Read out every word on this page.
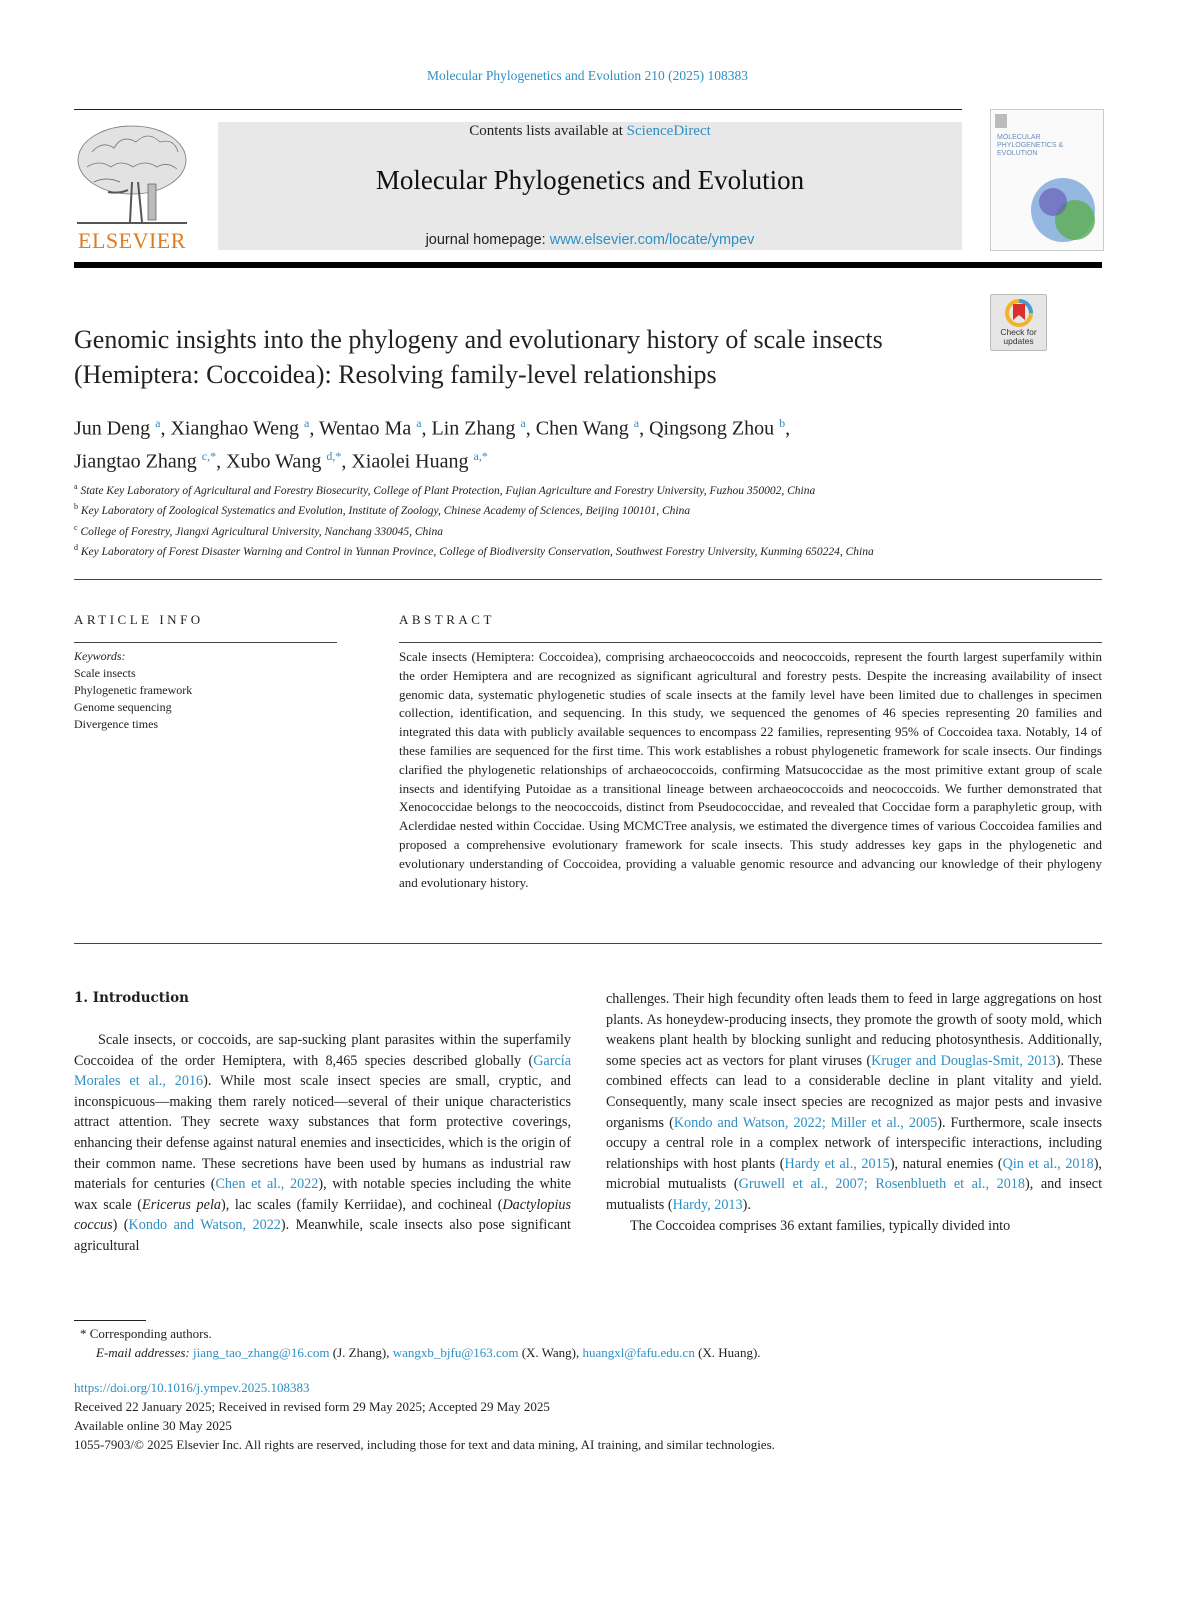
Molecular Phylogenetics and Evolution 210 (2025) 108383
ELSEVIER
Contents lists available at ScienceDirect
Molecular Phylogenetics and Evolution
journal homepage: www.elsevier.com/locate/ympev
MOLECULAR PHYLOGENETICS & EVOLUTION
Check for updates
Genomic insights into the phylogeny and evolutionary history of scale insects (Hemiptera: Coccoidea): Resolving family-level relationships
Jun Deng $^a$, Xianghao Weng $^a$, Wentao Ma $^a$, Lin Zhang $^a$, Chen Wang $^a$, Qingsong Zhou $^b$,
Jiangtao Zhang $^{c,*}$, Xubo Wang $^{d,*}$, Xiaolei Huang $^{a,*}$
$^a$ State Key Laboratory of Agricultural and Forestry Biosecurity, College of Plant Protection, Fujian Agriculture and Forestry University, Fuzhou 350002, China
$^b$ Key Laboratory of Zoological Systematics and Evolution, Institute of Zoology, Chinese Academy of Sciences, Beijing 100101, China
$^c$ College of Forestry, Jiangxi Agricultural University, Nanchang 330045, China
$^d$ Key Laboratory of Forest Disaster Warning and Control in Yunnan Province, College of Biodiversity Conservation, Southwest Forestry University, Kunming 650224, China
ARTICLE INFO
Keywords:
Scale insects
Phylogenetic framework
Genome sequencing
Divergence times
ABSTRACT
Scale insects (Hemiptera: Coccoidea), comprising archaeococcoids and neococcoids, represent the fourth largest superfamily within the order Hemiptera and are recognized as significant agricultural and forestry pests. Despite the increasing availability of insect genomic data, systematic phylogenetic studies of scale insects at the family level have been limited due to challenges in specimen collection, identification, and sequencing. In this study, we sequenced the genomes of 46 species representing 20 families and integrated this data with publicly available sequences to encompass 22 families, representing 95% of Coccoidea taxa. Notably, 14 of these families are sequenced for the first time. This work establishes a robust phylogenetic framework for scale insects. Our findings clarified the phylogenetic relationships of archaeococcoids, confirming Matsucoccidae as the most primitive extant group of scale insects and identifying Putoidae as a transitional lineage between archaeococcoids and neococcoids. We further demonstrated that Xenococcidae belongs to the neococcoids, distinct from Pseudococcidae, and revealed that Coccidae form a paraphyletic group, with Aclerdidae nested within Coccidae. Using MCMCTree analysis, we estimated the divergence times of various Coccoidea families and proposed a comprehensive evolutionary framework for scale insects. This study addresses key gaps in the phylogenetic and evolutionary understanding of Coccoidea, providing a valuable genomic resource and advancing our knowledge of their phylogeny and evolutionary history.
1. Introduction
Scale insects, or coccoids, are sap-sucking plant parasites within the superfamily Coccoidea of the order Hemiptera, with 8,465 species described globally (García Morales et al., 2016). While most scale insect species are small, cryptic, and inconspicuous—making them rarely noticed—several of their unique characteristics attract attention. They secrete waxy substances that form protective coverings, enhancing their defense against natural enemies and insecticides, which is the origin of their common name. These secretions have been used by humans as industrial raw materials for centuries (Chen et al., 2022), with notable species including the white wax scale (Ericerus pela), lac scales (family Kerriidae), and cochineal (Dactylopius coccus) (Kondo and Watson, 2022). Meanwhile, scale insects also pose significant agricultural
challenges. Their high fecundity often leads them to feed in large aggregations on host plants. As honeydew-producing insects, they promote the growth of sooty mold, which weakens plant health by blocking sunlight and reducing photosynthesis. Additionally, some species act as vectors for plant viruses (Kruger and Douglas-Smit, 2013). These combined effects can lead to a considerable decline in plant vitality and yield. Consequently, many scale insect species are recognized as major pests and invasive organisms (Kondo and Watson, 2022; Miller et al., 2005). Furthermore, scale insects occupy a central role in a complex network of interspecific interactions, including relationships with host plants (Hardy et al., 2015), natural enemies (Qin et al., 2018), microbial mutualists (Gruwell et al., 2007; Rosenblueth et al., 2018), and insect mutualists (Hardy, 2013).
The Coccoidea comprises 36 extant families, typically divided into
* Corresponding authors.
E-mail addresses: jiang_tao_zhang@16.com (J. Zhang), wangxb_bjfu@163.com (X. Wang), huangxl@fafu.edu.cn (X. Huang).
https://doi.org/10.1016/j.ympev.2025.108383
Received 22 January 2025; Received in revised form 29 May 2025; Accepted 29 May 2025
Available online 30 May 2025
1055-7903/© 2025 Elsevier Inc. All rights are reserved, including those for text and data mining, AI training, and similar technologies.
